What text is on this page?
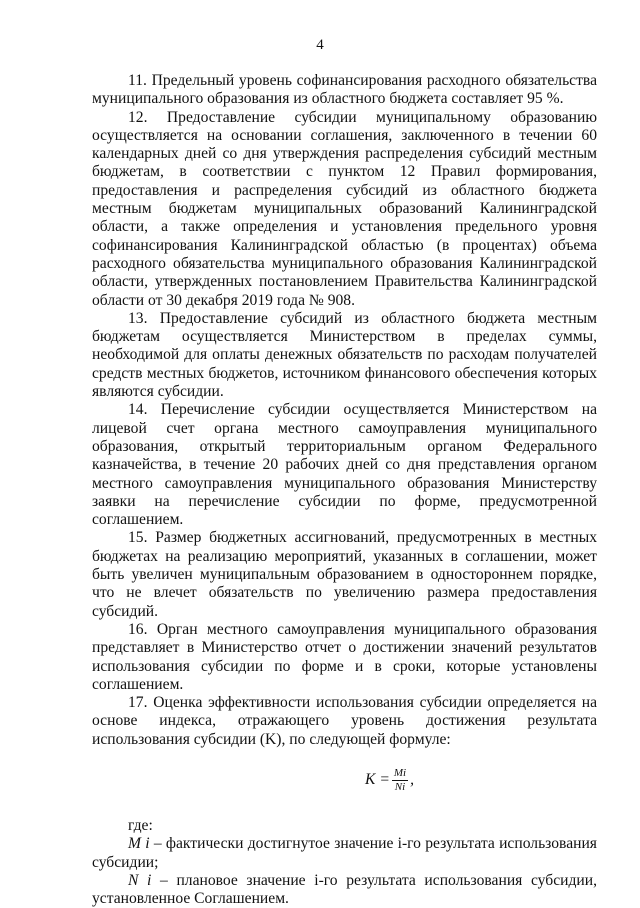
4

11. Предельный уровень софинансирования расходного обязательства муниципального образования из областного бюджета составляет 95 %.

12. Предоставление субсидии муниципальному образованию осуществляется на основании соглашения, заключенного в течении 60 календарных дней со дня утверждения распределения субсидий местным бюджетам, в соответствии с пунктом 12 Правил формирования, предоставления и распределения субсидий из областного бюджета местным бюджетам муниципальных образований Калининградской области, а также определения и установления предельного уровня софинансирования Калининградской областью (в процентах) объема расходного обязательства муниципального образования Калининградской области, утвержденных постановлением Правительства Калининградской области от 30 декабря 2019 года № 908.

13. Предоставление субсидий из областного бюджета местным бюджетам осуществляется Министерством в пределах суммы, необходимой для оплаты денежных обязательств по расходам получателей средств местных бюджетов, источником финансового обеспечения которых являются субсидии.

14. Перечисление субсидии осуществляется Министерством на лицевой счет органа местного самоуправления муниципального образования, открытый территориальным органом Федерального казначейства, в течение 20 рабочих дней со дня представления органом местного самоуправления муниципального образования Министерству заявки на перечисление субсидии по форме, предусмотренной соглашением.

15. Размер бюджетных ассигнований, предусмотренных в местных бюджетах на реализацию мероприятий, указанных в соглашении, может быть увеличен муниципальным образованием в одностороннем порядке, что не влечет обязательств по увеличению размера предоставления субсидий.

16. Орган местного самоуправления муниципального образования представляет в Министерство отчет о достижении значений результатов использования субсидии по форме и в сроки, которые установлены соглашением.

17. Оценка эффективности использования субсидии определяется на основе индекса, отражающего уровень достижения результата использования субсидии (K), по следующей формуле:

$K = \frac{Mi}{Ni}$ ,

где:

M i – фактически достигнутое значение i-го результата использования субсидии;

N i – плановое значение i-го результата использования субсидии, установленное Соглашением.
